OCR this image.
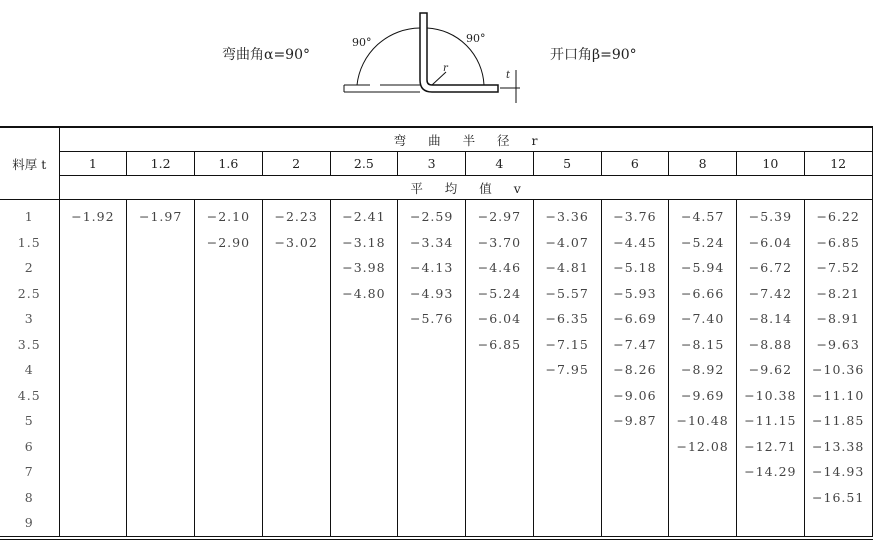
弯曲角α=90°	开口角β=90°
90°	90°
r
t
料厚 t	弯 曲 半 径 r											
	1	1.2	1.6	2	2.5	3	4	5	6	8	10	12
	平 均 值 v											
1	−1.92	−1.97	−2.10	−2.23	−2.41	−2.59	−2.97	−3.36	−3.76	−4.57	−5.39	−6.22
1.5			−2.90	−3.02	−3.18	−3.34	−3.70	−4.07	−4.45	−5.24	−6.04	−6.85
2					−3.98	−4.13	−4.46	−4.81	−5.18	−5.94	−6.72	−7.52
2.5					−4.80	−4.93	−5.24	−5.57	−5.93	−6.66	−7.42	−8.21
3						−5.76	−6.04	−6.35	−6.69	−7.40	−8.14	−8.91
3.5							−6.85	−7.15	−7.47	−8.15	−8.88	−9.63
4								−7.95	−8.26	−8.92	−9.62	−10.36
4.5									−9.06	−9.69	−10.38	−11.10
5									−9.87	−10.48	−11.15	−11.85
6										−12.08	−12.71	−13.38
7											−14.29	−14.93
8												−16.51
9												
